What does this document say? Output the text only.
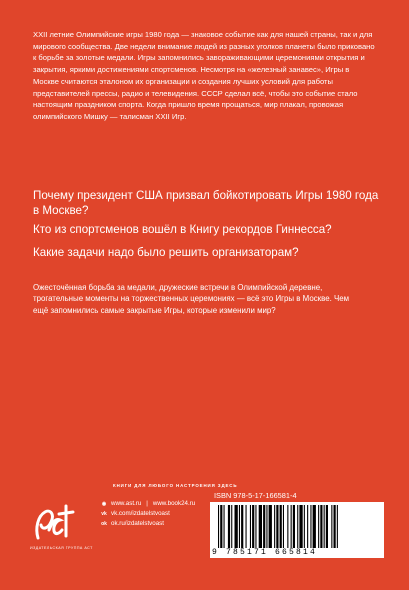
XXII летние Олимпийские игры 1980 года — знаковое событие как для нашей страны, так и для мирового сообщества. Две недели внимание людей из разных уголков планеты было приковано к борьбе за золотые медали. Игры запомнились завораживающими церемониями открытия и закрытия, яркими достижениями спортсменов. Несмотря на «железный занавес», Игры в Москве считаются эталоном их организации и создания лучших условий для работы представителей прессы, радио и телевидения. СССР сделал всё, чтобы это событие стало настоящим праздником спорта. Когда пришло время прощаться, мир плакал, провожая олимпийского Мишку — талисман XXII Игр.

Почему президент США призвал бойкотировать Игры 1980 года в Москве?

Кто из спортсменов вошёл в Книгу рекордов Гиннесса?

Какие задачи надо было решить организаторам?

Ожесточённая борьба за медали, дружеские встречи в Олимпийской деревне, трогательные моменты на торжественных церемониях — всё это Игры в Москве. Чем ещё запомнились самые закрытые Игры, которые изменили мир?

КНИГИ ДЛЯ ЛЮБОГО НАСТРОЕНИЯ ЗДЕСЬ
ИЗДАТЕЛЬСКАЯ ГРУППА АСТ
◉ www.ast.ru | www.book24.ru
vk vk.com/izdatelstvoast
ok ok.ru/izdatelstvoast
ISBN 978-5-17-166581-4
9 785171 665814
